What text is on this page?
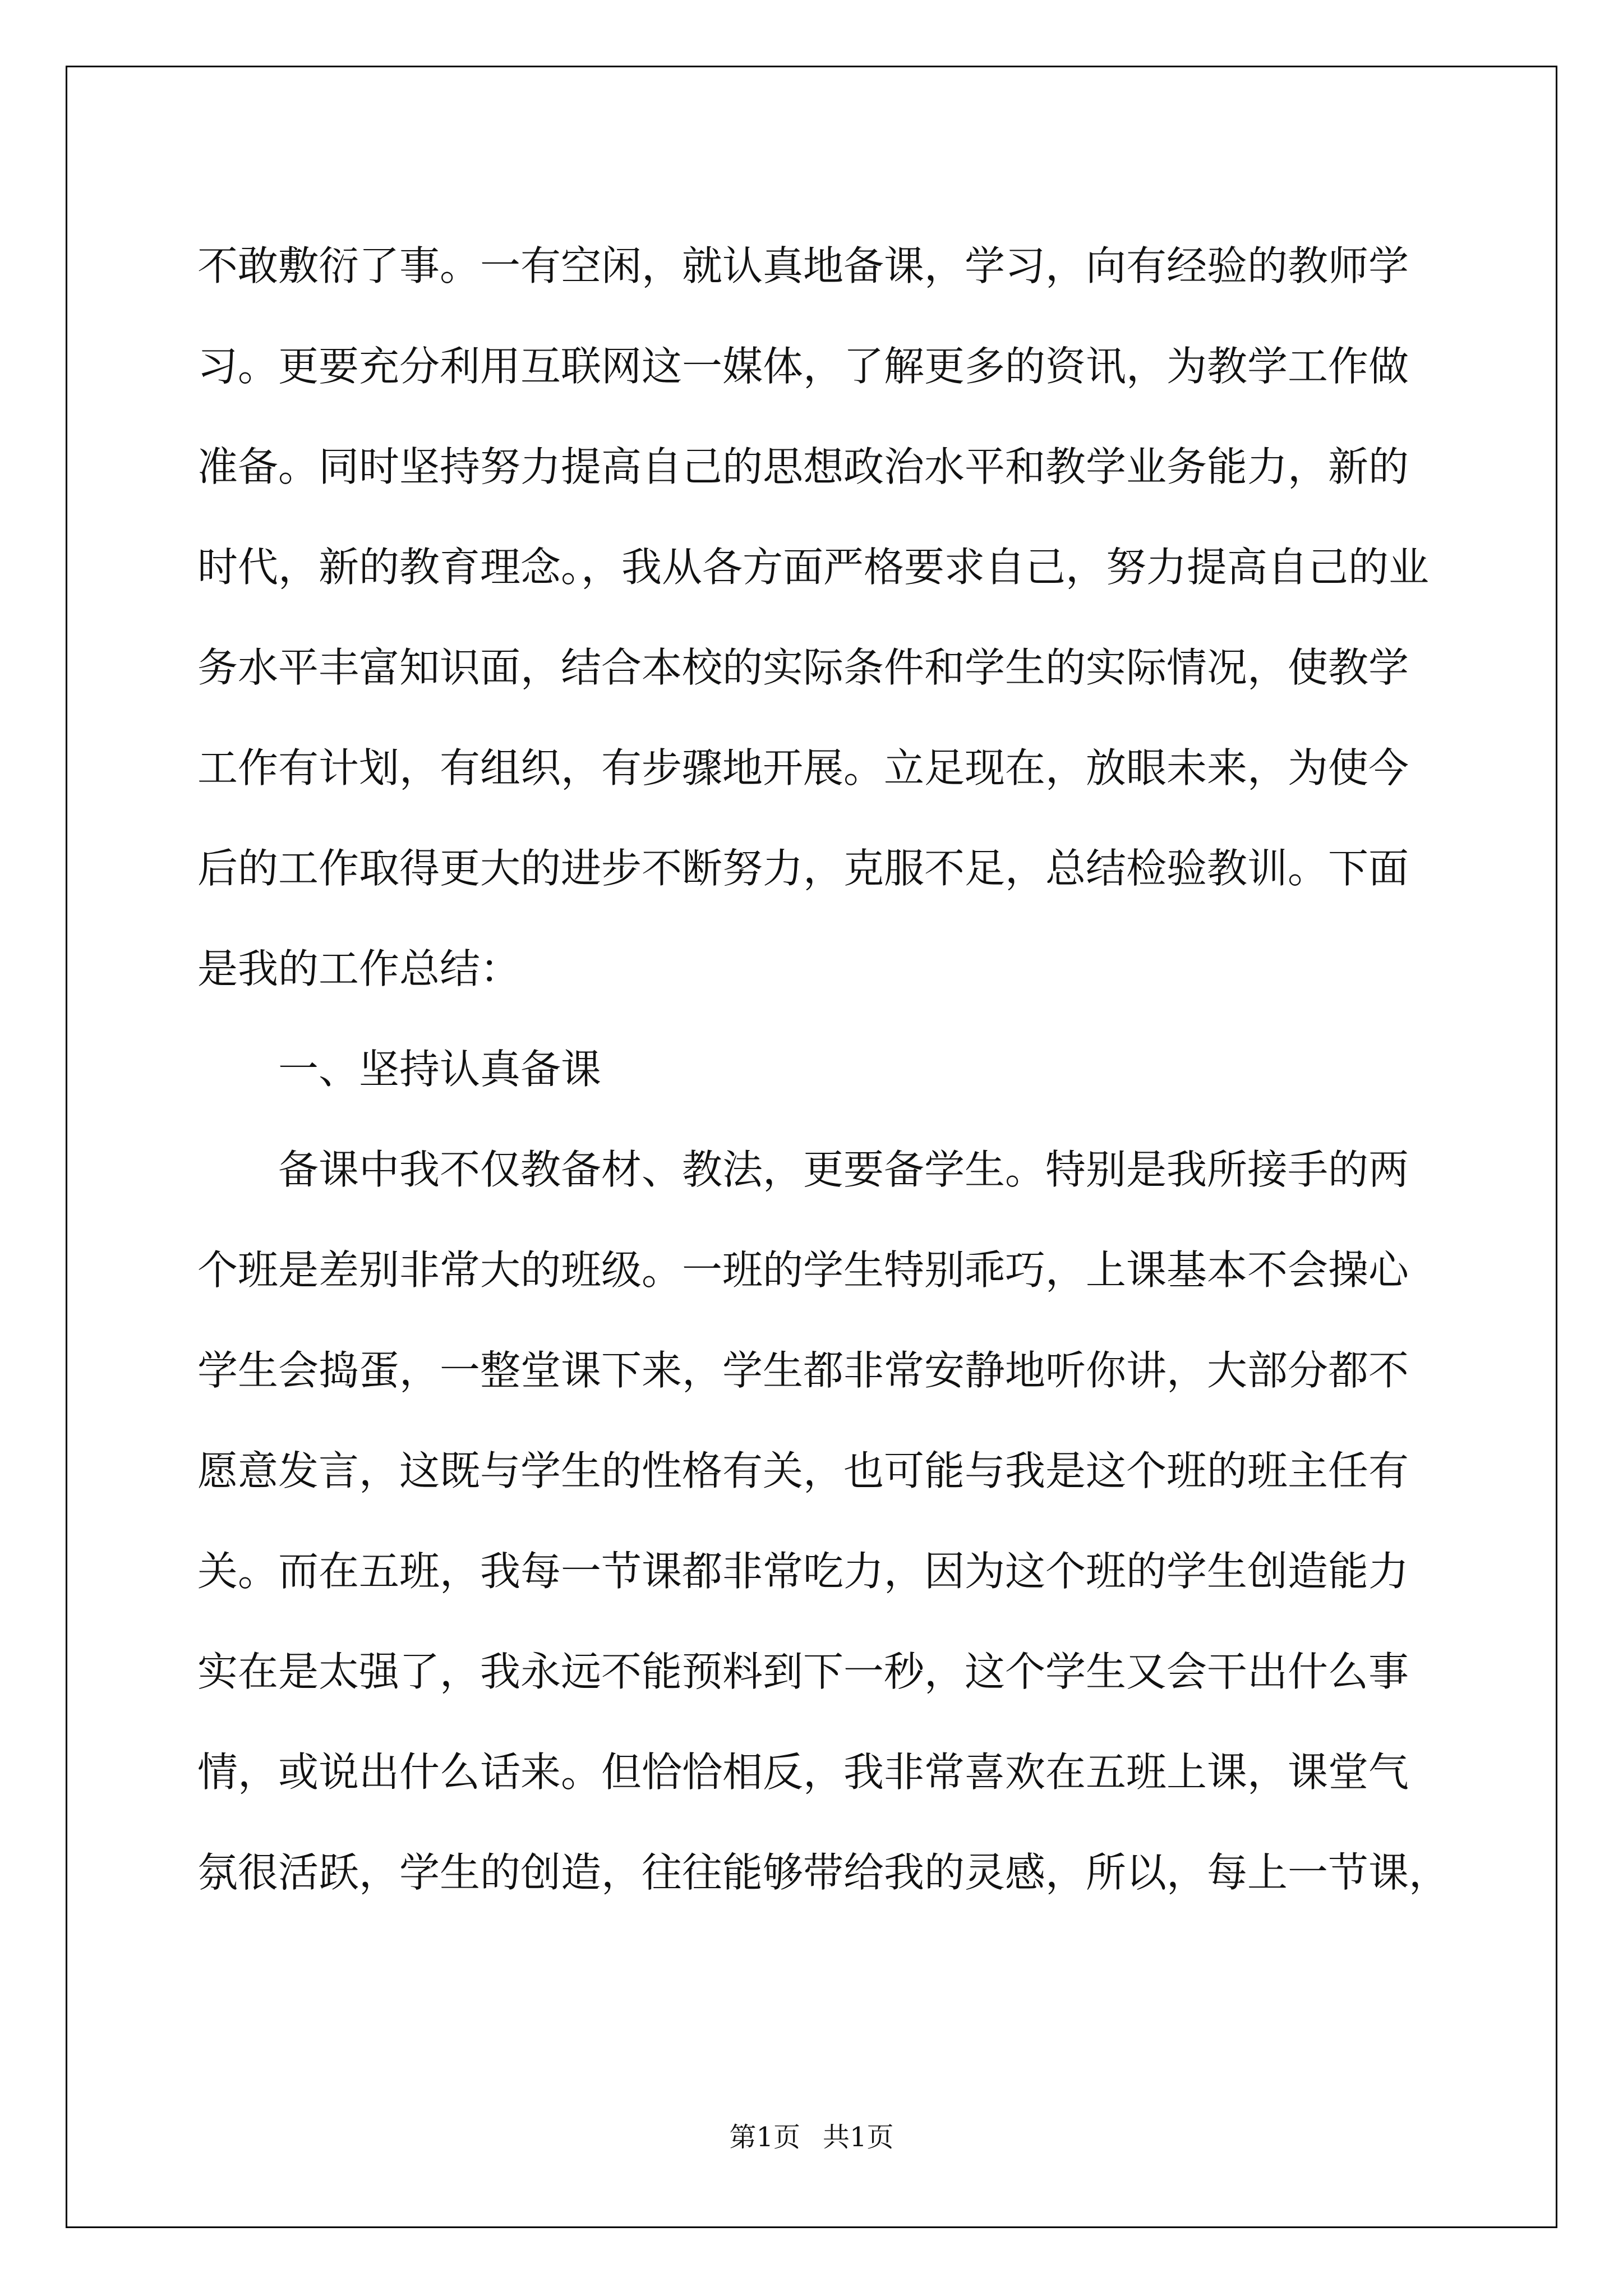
不敢敷衍了事。一有空闲，就认真地备课，学习，向有经验的教师学
习。更要充分利用互联网这一媒体，了解更多的资讯，为教学工作做
准备。同时坚持努力提高自己的思想政治水平和教学业务能力，新的
时代，新的教育理念。，我从各方面严格要求自己，努力提高自己的业
务水平丰富知识面，结合本校的实际条件和学生的实际情况，使教学
工作有计划，有组织，有步骤地开展。立足现在，放眼未来，为使今
后的工作取得更大的进步不断努力，克服不足，总结检验教训。下面
是我的工作总结：

一、坚持认真备课

备课中我不仅教备材、教法，更要备学生。特别是我所接手的两
个班是差别非常大的班级。一班的学生特别乖巧，上课基本不会操心
学生会捣蛋，一整堂课下来，学生都非常安静地听你讲，大部分都不
愿意发言，这既与学生的性格有关，也可能与我是这个班的班主任有
关。而在五班，我每一节课都非常吃力，因为这个班的学生创造能力
实在是太强了，我永远不能预料到下一秒，这个学生又会干出什么事
情，或说出什么话来。但恰恰相反，我非常喜欢在五班上课，课堂气
氛很活跃，学生的创造，往往能够带给我的灵感，所以，每上一节课，

第1页 共1页
